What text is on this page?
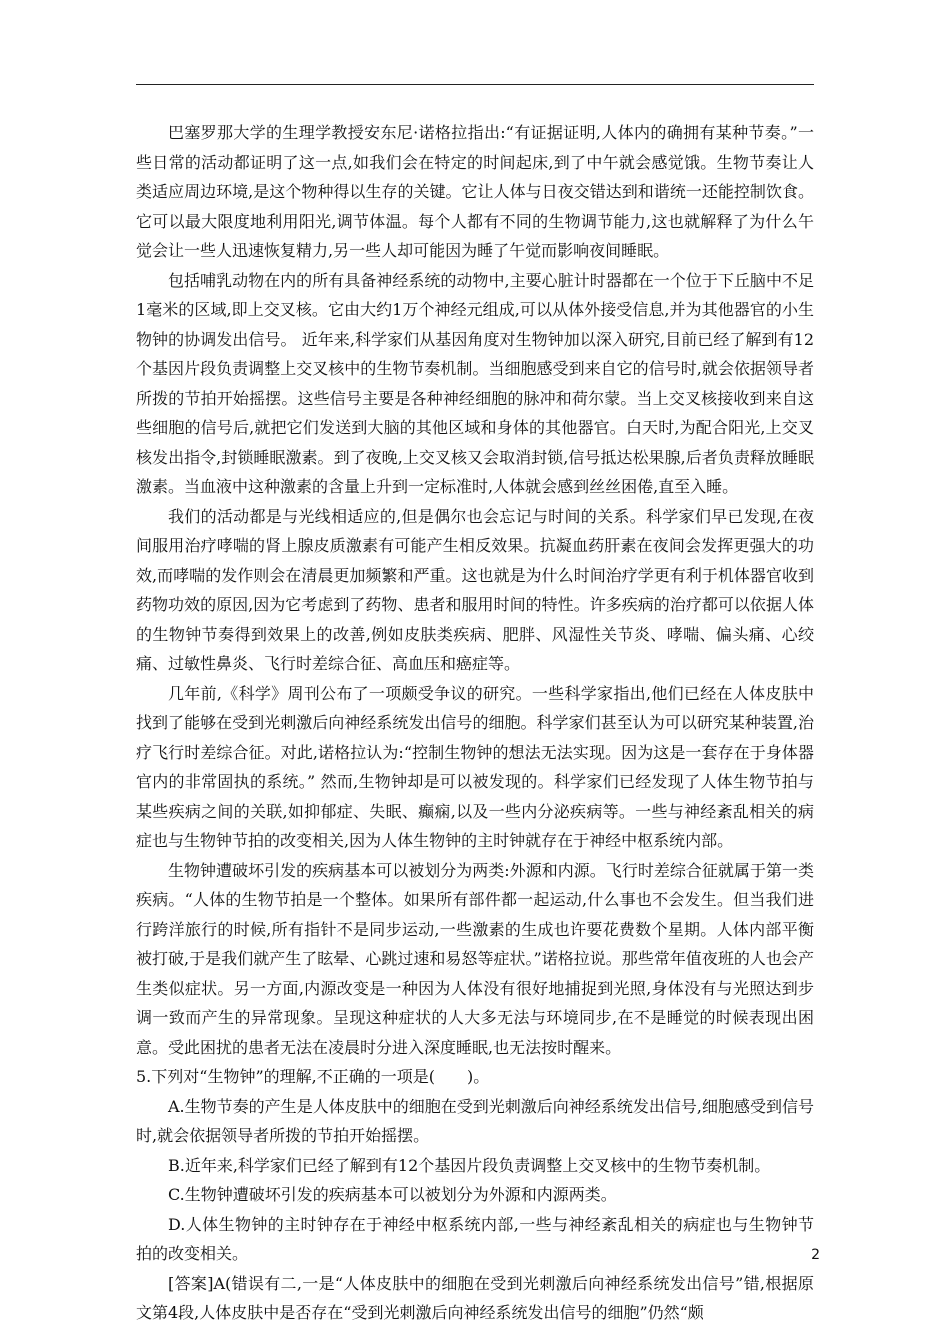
巴塞罗那大学的生理学教授安东尼·诺格拉指出:“有证据证明,人体内的确拥有某种节奏。”一些日常的活动都证明了这一点,如我们会在特定的时间起床,到了中午就会感觉饿。生物节奏让人类适应周边环境,是这个物种得以生存的关键。它让人体与日夜交错达到和谐统一还能控制饮食。它可以最大限度地利用阳光,调节体温。每个人都有不同的生物调节能力,这也就解释了为什么午觉会让一些人迅速恢复精力,另一些人却可能因为睡了午觉而影响夜间睡眠。

包括哺乳动物在内的所有具备神经系统的动物中,主要心脏计时器都在一个位于下丘脑中不足1毫米的区域,即上交叉核。它由大约1万个神经元组成,可以从体外接受信息,并为其他器官的小生物钟的协调发出信号。 近年来,科学家们从基因角度对生物钟加以深入研究,目前已经了解到有12个基因片段负责调整上交叉核中的生物节奏机制。当细胞感受到来自它的信号时,就会依据领导者所拨的节拍开始摇摆。这些信号主要是各种神经细胞的脉冲和荷尔蒙。当上交叉核接收到来自这些细胞的信号后,就把它们发送到大脑的其他区域和身体的其他器官。白天时,为配合阳光,上交叉核发出指令,封锁睡眠激素。到了夜晚,上交叉核又会取消封锁,信号抵达松果腺,后者负责释放睡眠激素。当血液中这种激素的含量上升到一定标准时,人体就会感到丝丝困倦,直至入睡。

我们的活动都是与光线相适应的,但是偶尔也会忘记与时间的关系。科学家们早已发现,在夜间服用治疗哮喘的肾上腺皮质激素有可能产生相反效果。抗凝血药肝素在夜间会发挥更强大的功效,而哮喘的发作则会在清晨更加频繁和严重。这也就是为什么时间治疗学更有利于机体器官收到药物功效的原因,因为它考虑到了药物、患者和服用时间的特性。许多疾病的治疗都可以依据人体的生物钟节奏得到效果上的改善,例如皮肤类疾病、肥胖、风湿性关节炎、哮喘、偏头痛、心绞痛、过敏性鼻炎、飞行时差综合征、高血压和癌症等。

几年前,《科学》周刊公布了一项颇受争议的研究。一些科学家指出,他们已经在人体皮肤中找到了能够在受到光刺激后向神经系统发出信号的细胞。科学家们甚至认为可以研究某种装置,治疗飞行时差综合征。对此,诺格拉认为:“控制生物钟的想法无法实现。因为这是一套存在于身体器官内的非常固执的系统。” 然而,生物钟却是可以被发现的。科学家们已经发现了人体生物节拍与某些疾病之间的关联,如抑郁症、失眠、癫痫,以及一些内分泌疾病等。一些与神经紊乱相关的病症也与生物钟节拍的改变相关,因为人体生物钟的主时钟就存在于神经中枢系统内部。

生物钟遭破坏引发的疾病基本可以被划分为两类:外源和内源。飞行时差综合征就属于第一类疾病。“人体的生物节拍是一个整体。如果所有部件都一起运动,什么事也不会发生。但当我们进行跨洋旅行的时候,所有指针不是同步运动,一些激素的生成也许要花费数个星期。人体内部平衡被打破,于是我们就产生了眩晕、心跳过速和易怒等症状。”诺格拉说。那些常年值夜班的人也会产生类似症状。另一方面,内源改变是一种因为人体没有很好地捕捉到光照,身体没有与光照达到步调一致而产生的异常现象。呈现这种症状的人大多无法与环境同步,在不是睡觉的时候表现出困意。受此困扰的患者无法在凌晨时分进入深度睡眠,也无法按时醒来。

5.下列对“生物钟”的理解,不正确的一项是(　　)。

A.生物节奏的产生是人体皮肤中的细胞在受到光刺激后向神经系统发出信号,细胞感受到信号时,就会依据领导者所拨的节拍开始摇摆。

B.近年来,科学家们已经了解到有12个基因片段负责调整上交叉核中的生物节奏机制。

C.生物钟遭破坏引发的疾病基本可以被划分为外源和内源两类。

D.人体生物钟的主时钟存在于神经中枢系统内部,一些与神经紊乱相关的病症也与生物钟节拍的改变相关。

[答案]A(错误有二,一是“人体皮肤中的细胞在受到光刺激后向神经系统发出信号”错,根据原文第4段,人体皮肤中是否存在“受到光刺激后向神经系统发出信号的细胞”仍然“颇

2
